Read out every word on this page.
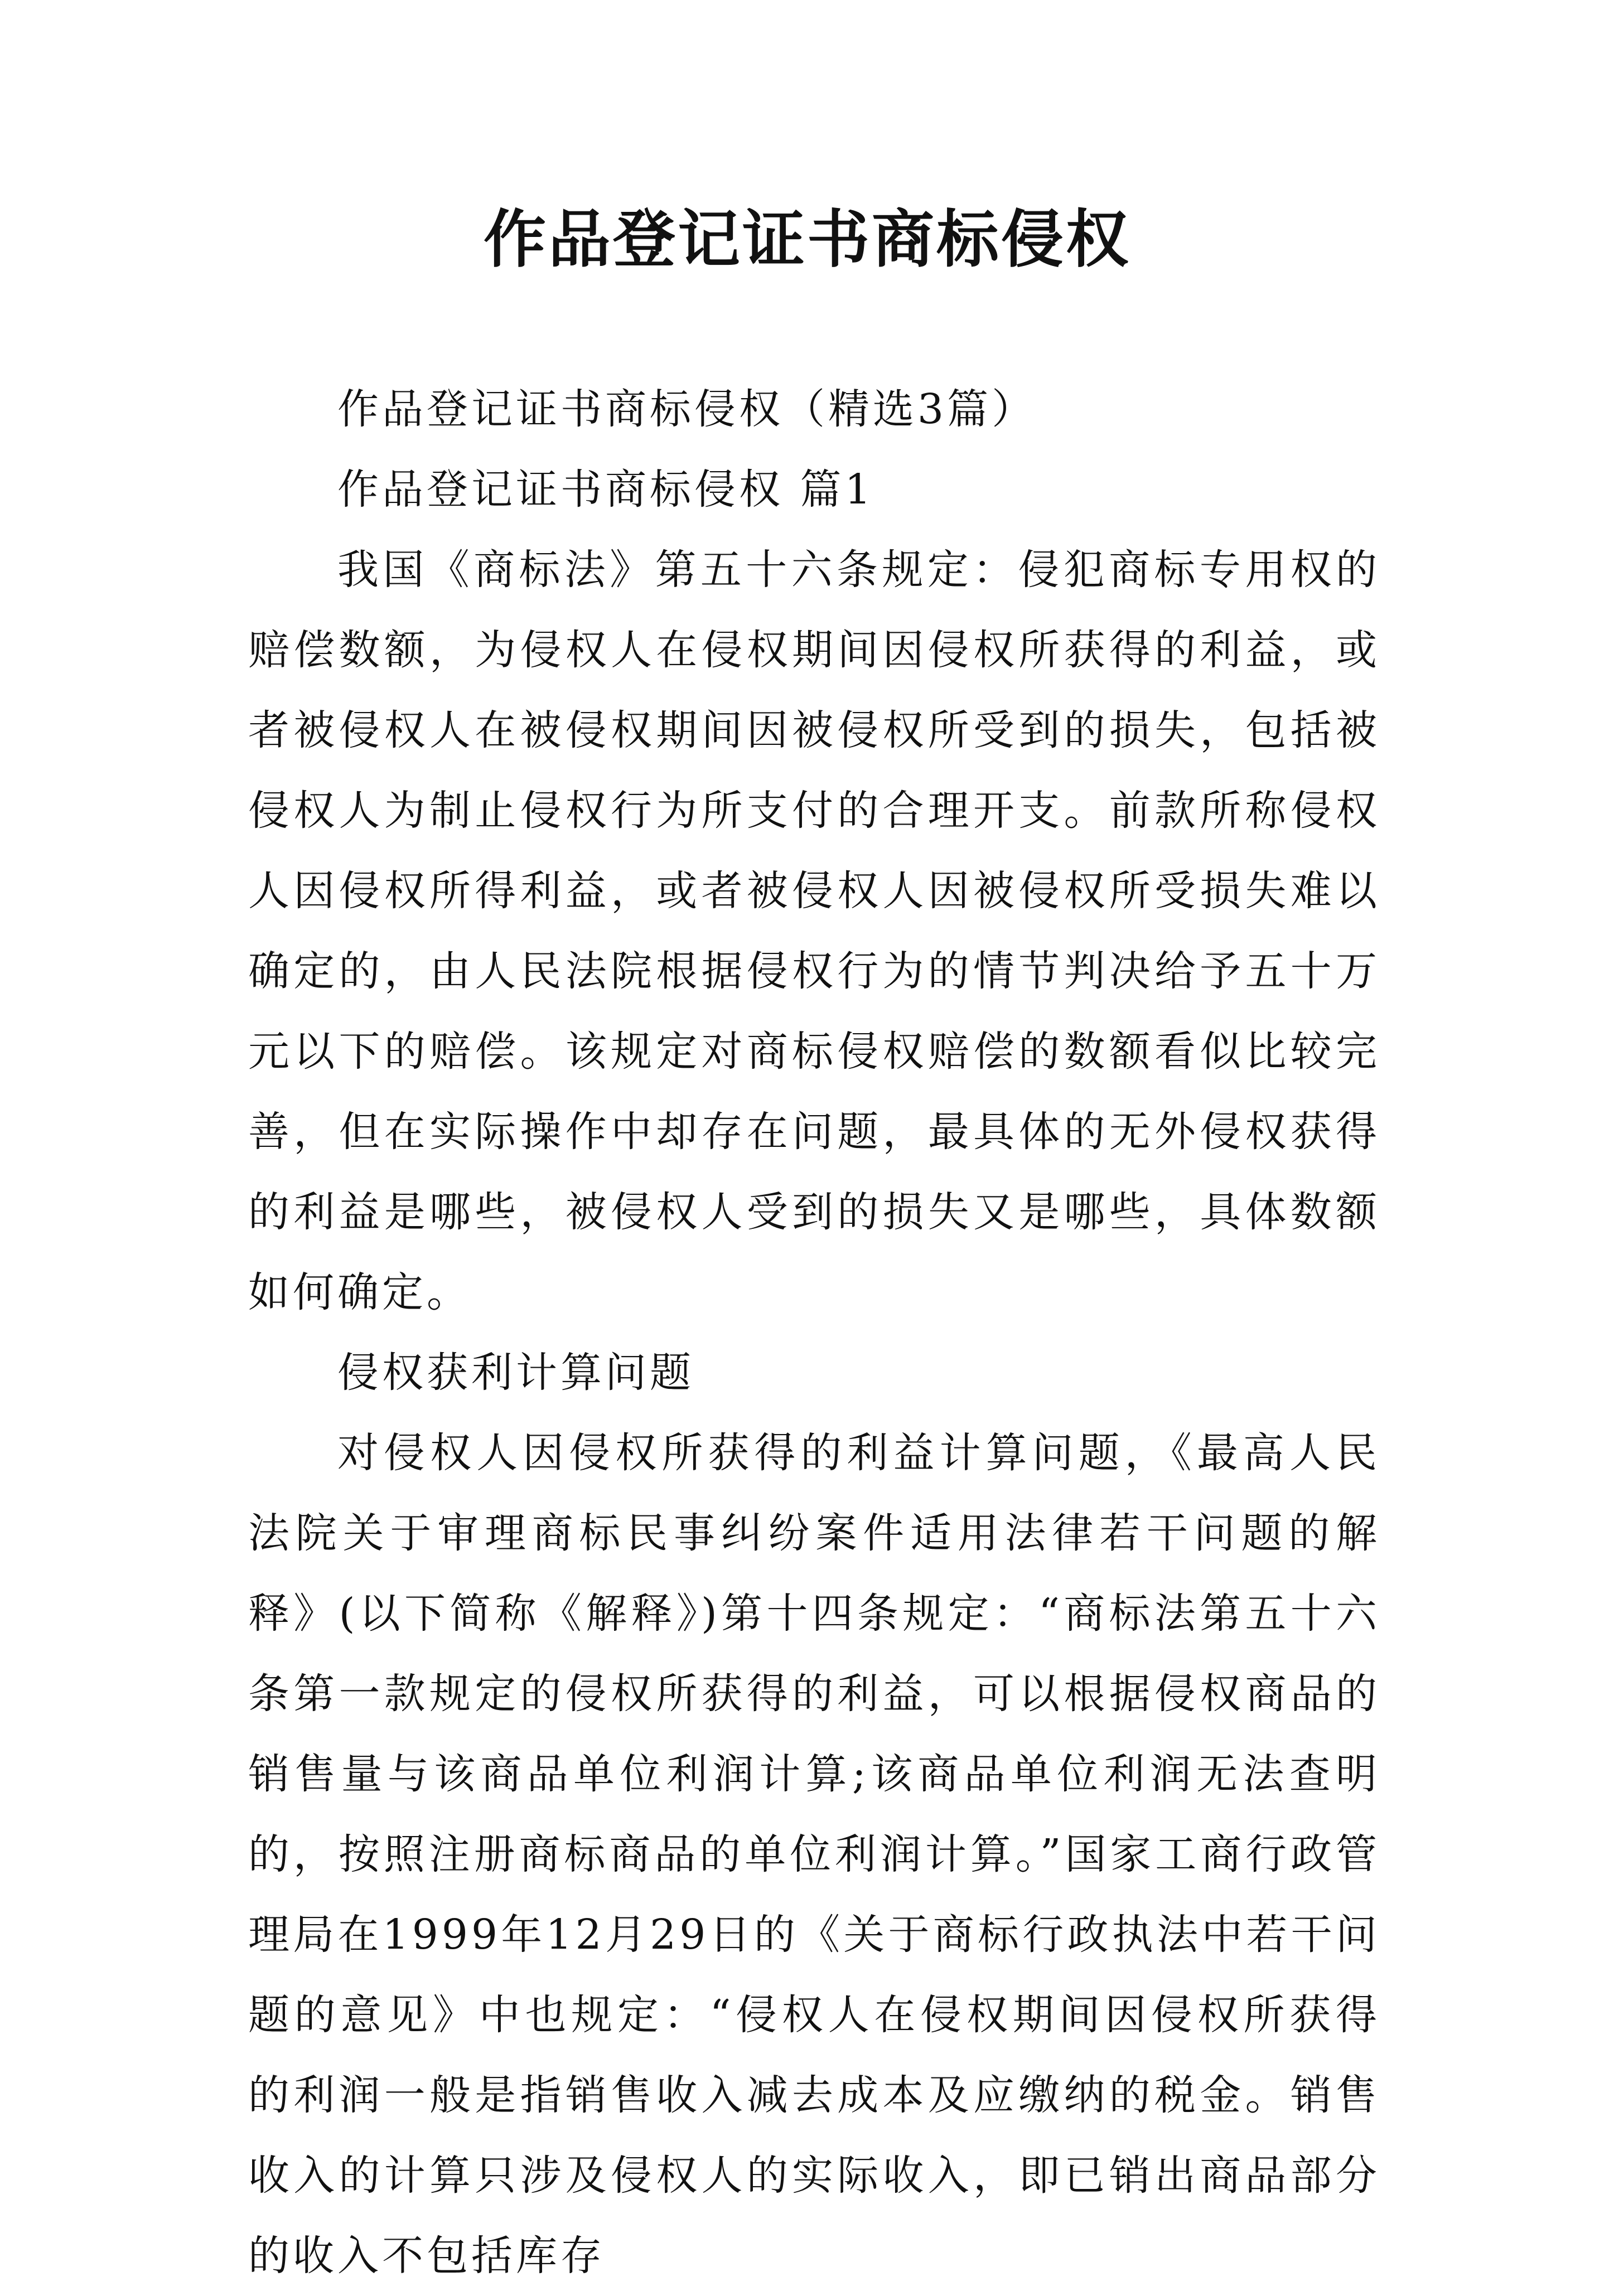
作品登记证书商标侵权

作品登记证书商标侵权（精选3篇）

作品登记证书商标侵权 篇1

我国《商标法》第五十六条规定：侵犯商标专用权的赔偿数额，为侵权人在侵权期间因侵权所获得的利益，或者被侵权人在被侵权期间因被侵权所受到的损失，包括被侵权人为制止侵权行为所支付的合理开支。前款所称侵权人因侵权所得利益，或者被侵权人因被侵权所受损失难以确定的，由人民法院根据侵权行为的情节判决给予五十万元以下的赔偿。该规定对商标侵权赔偿的数额看似比较完善，但在实际操作中却存在问题，最具体的无外侵权获得的利益是哪些，被侵权人受到的损失又是哪些，具体数额如何确定。

侵权获利计算问题

对侵权人因侵权所获得的利益计算问题，《最高人民法院关于审理商标民事纠纷案件适用法律若干问题的解释》(以下简称《解释》)第十四条规定：“商标法第五十六条第一款规定的侵权所获得的利益，可以根据侵权商品的销售量与该商品单位利润计算;该商品单位利润无法查明的，按照注册商标商品的单位利润计算。”国家工商行政管理局在1999年12月29日的《关于商标行政执法中若干问题的意见》中也规定：“侵权人在侵权期间因侵权所获得的利润一般是指销售收入减去成本及应缴纳的税金。销售收入的计算只涉及侵权人的实际收入，即已销出商品部分的收入不包括库存
